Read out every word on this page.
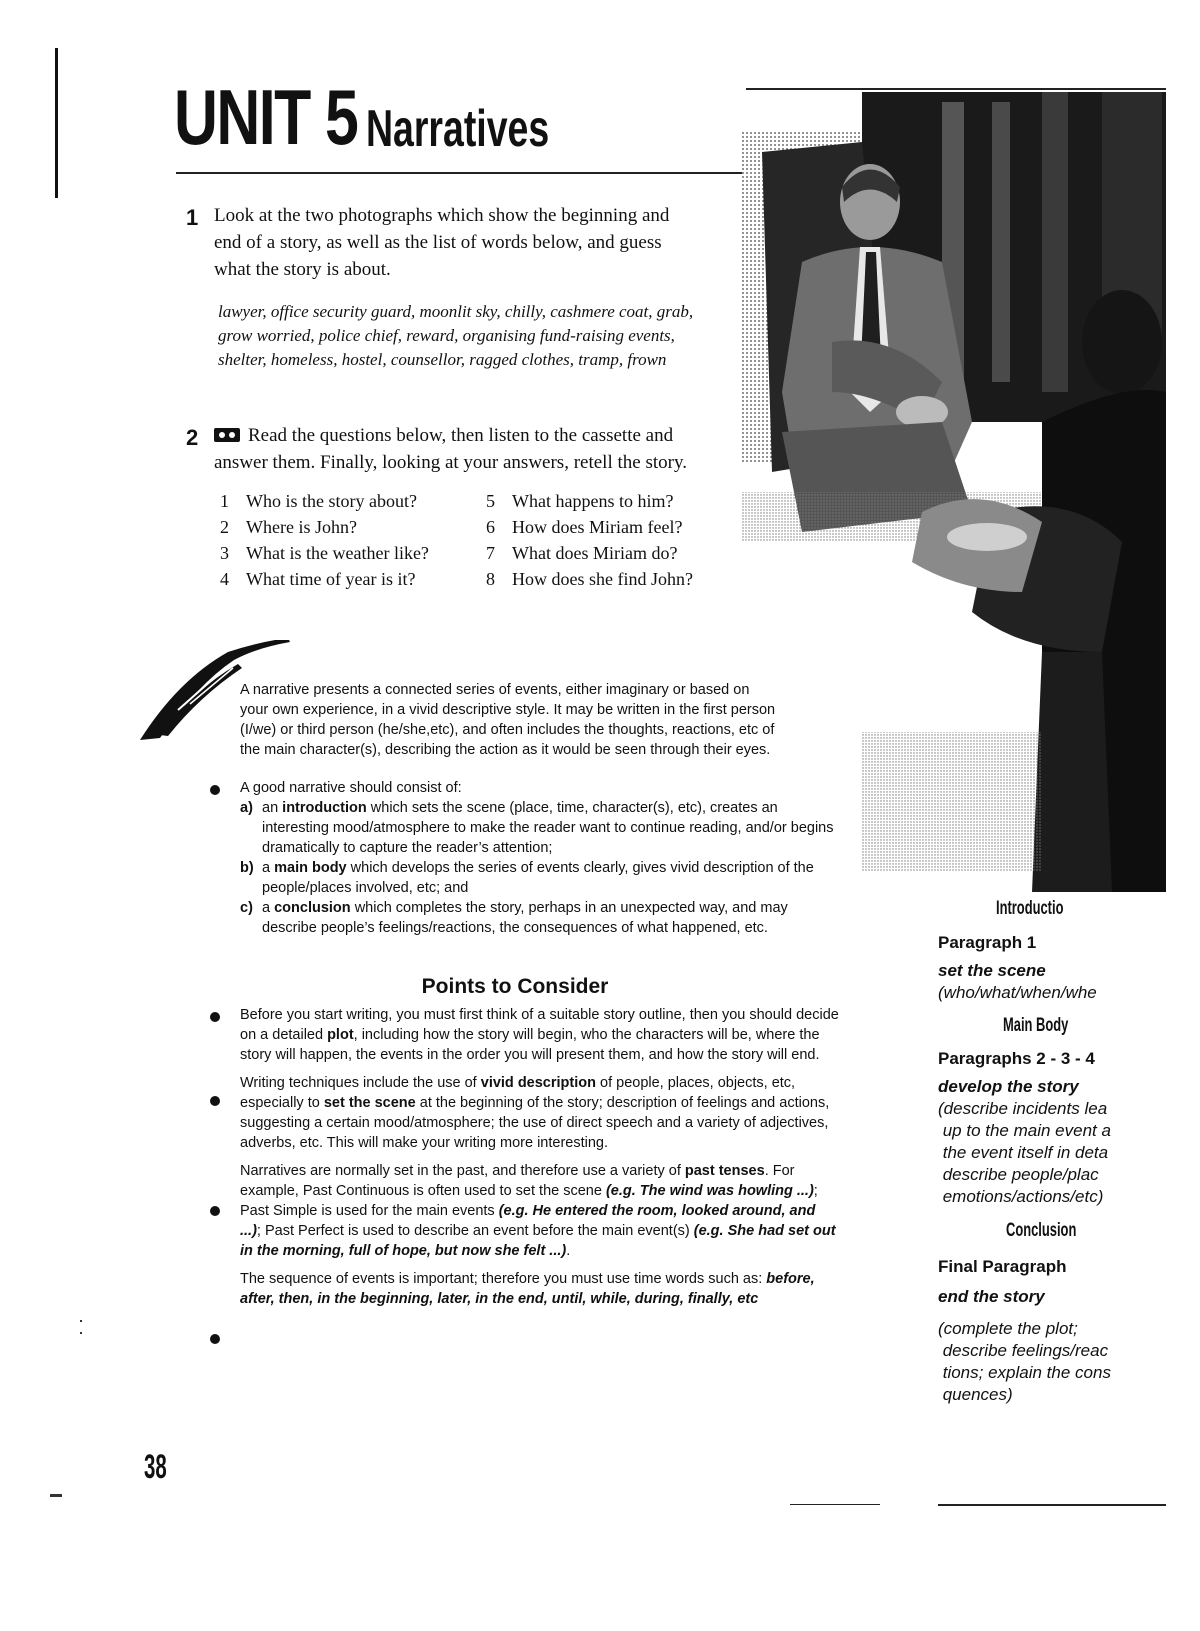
UNIT 5 Narratives
1 Look at the two photographs which show the beginning and
end of a story, as well as the list of words below, and guess
what the story is about.
lawyer, office security guard, moonlit sky, chilly, cashmere coat, grab,
grow worried, police chief, reward, organising fund-raising events,
shelter, homeless, hostel, counsellor, ragged clothes, tramp, frown
2	Read the questions below, then listen to the cassette and
answer them. Finally, looking at your answers, retell the story.
1 Who is the story about?
2 Where is John?
3 What is the weather like?
4 What time of year is it?
5 What happens to him?
6 How does Miriam feel?
7 What does Miriam do?
8 How does she find John?
A narrative presents a connected series of events, either imaginary or based on
your own experience, in a vivid descriptive style. It may be written in the first person
(I/we) or third person (he/she,etc), and often includes the thoughts, reactions, etc of
the main character(s), describing the action as it would be seen through their eyes.
A good narrative should consist of:
a) an introduction which sets the scene (place, time, character(s), etc), creates an interesting mood/atmosphere to make the reader want to continue reading, and/or begins dramatically to capture the reader’s attention;
b) a main body which develops the series of events clearly, gives vivid description of the people/places involved, etc; and
c) a conclusion which completes the story, perhaps in an unexpected way, and may describe people’s feelings/reactions, the consequences of what happened, etc.
Points to Consider
Before you start writing, you must first think of a suitable story outline, then you should decide on a detailed plot, including how the story will begin, who the characters will be, where the story will happen, the events in the order you will present them, and how the story will end.
Writing techniques include the use of vivid description of people, places, objects, etc, especially to set the scene at the beginning of the story; description of feelings and actions, suggesting a certain mood/atmosphere; the use of direct speech and a variety of adjectives, adverbs, etc. This will make your writing more interesting.
Narratives are normally set in the past, and therefore use a variety of past tenses. For example, Past Continuous is often used to set the scene (e.g. The wind was howling ...); Past Simple is used for the main events (e.g. He entered the room, looked around, and ...); Past Perfect is used to describe an event before the main event(s) (e.g. She had set out in the morning, full of hope, but now she felt ...).
The sequence of events is important; therefore you must use time words such as: before, after, then, in the beginning, later, in the end, until, while, during, finally, etc
Introductio
Paragraph 1
set the scene
(who/what/when/whe
Main Body
Paragraphs 2 - 3 - 4
develop the story
(describe incidents lea
up to the main event a
the event itself in deta
describe people/plac
emotions/actions/etc)
Conclusion
Final Paragraph
end the story
(complete the plot;
describe feelings/reac
tions; explain the cons
quences)
38
